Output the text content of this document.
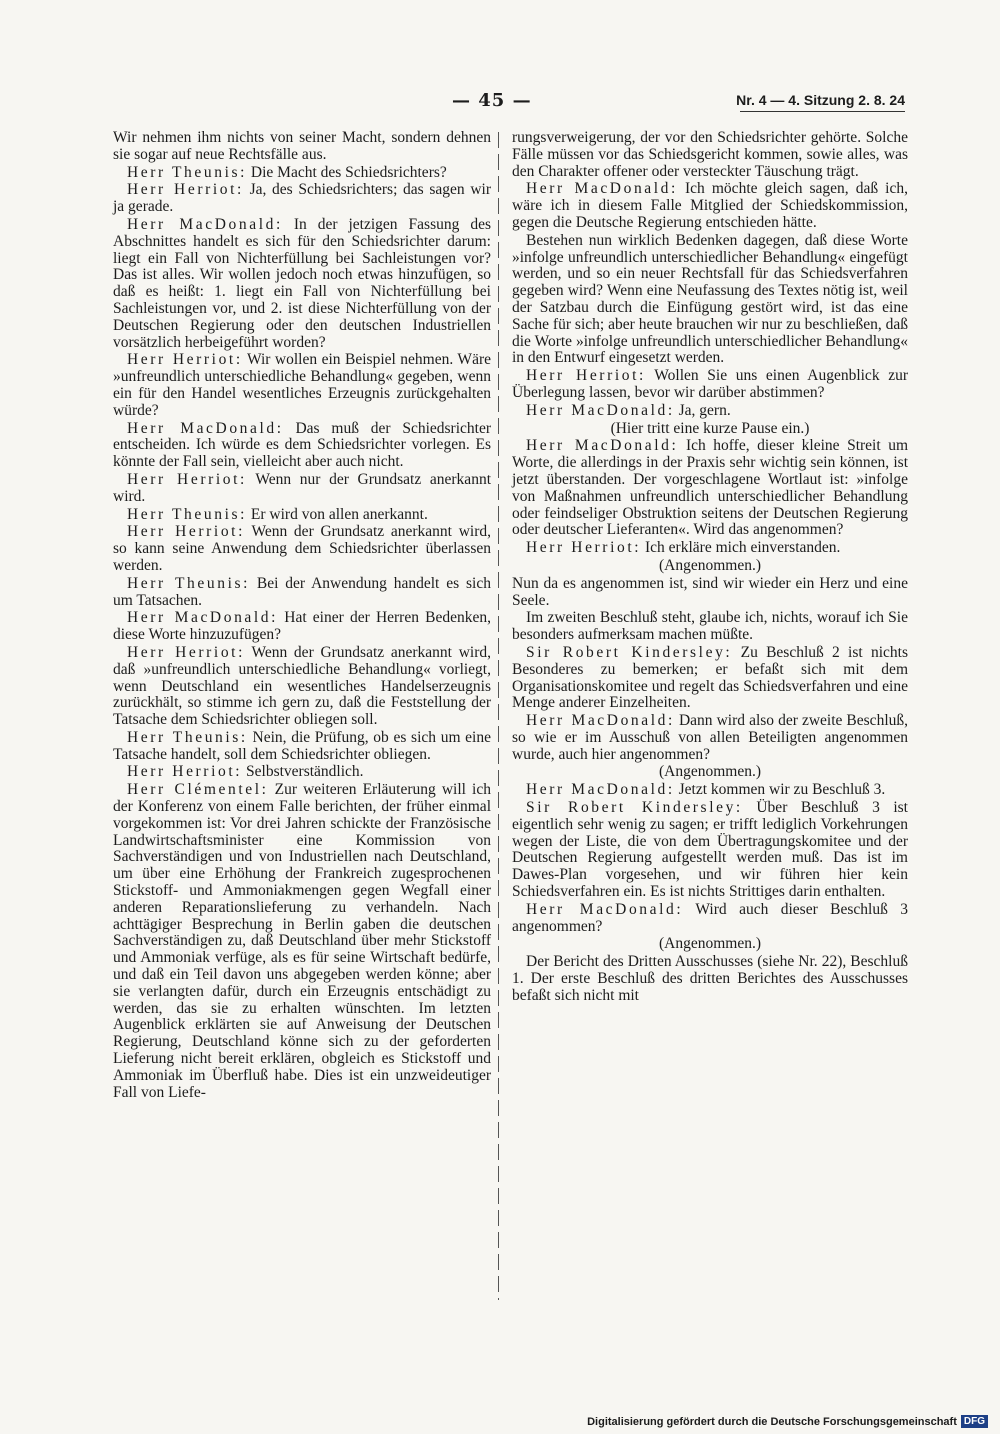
— 45 —	Nr. 4 — 4. Sitzung 2. 8. 24

Wir nehmen ihm nichts von seiner Macht, sondern dehnen sie sogar auf neue Rechtsfälle aus.

Herr Theunis: Die Macht des Schiedsrichters?

Herr Herriot: Ja, des Schiedsrichters; das sagen wir ja gerade.

Herr MacDonald: In der jetzigen Fassung des Abschnittes handelt es sich für den Schiedsrichter darum: liegt ein Fall von Nichterfüllung bei Sachleistungen vor? Das ist alles. Wir wollen jedoch noch etwas hinzufügen, so daß es heißt: 1. liegt ein Fall von Nichterfüllung bei Sachleistungen vor, und 2. ist diese Nichterfüllung von der Deutschen Regierung oder den deutschen Industriellen vorsätzlich herbeigeführt worden?

Herr Herriot: Wir wollen ein Beispiel nehmen. Wäre »unfreundlich unterschiedliche Behandlung« gegeben, wenn ein für den Handel wesentliches Erzeugnis zurückgehalten würde?

Herr MacDonald: Das muß der Schiedsrichter entscheiden. Ich würde es dem Schiedsrichter vorlegen. Es könnte der Fall sein, vielleicht aber auch nicht.

Herr Herriot: Wenn nur der Grundsatz anerkannt wird.

Herr Theunis: Er wird von allen anerkannt.

Herr Herriot: Wenn der Grundsatz anerkannt wird, so kann seine Anwendung dem Schiedsrichter überlassen werden.

Herr Theunis: Bei der Anwendung handelt es sich um Tatsachen.

Herr MacDonald: Hat einer der Herren Bedenken, diese Worte hinzuzufügen?

Herr Herriot: Wenn der Grundsatz anerkannt wird, daß »unfreundlich unterschiedliche Behandlung« vorliegt, wenn Deutschland ein wesentliches Handelserzeugnis zurückhält, so stimme ich gern zu, daß die Feststellung der Tatsache dem Schiedsrichter obliegen soll.

Herr Theunis: Nein, die Prüfung, ob es sich um eine Tatsache handelt, soll dem Schiedsrichter obliegen.

Herr Herriot: Selbstverständlich.

Herr Clémentel: Zur weiteren Erläuterung will ich der Konferenz von einem Falle berichten, der früher einmal vorgekommen ist: Vor drei Jahren schickte der Französische Landwirtschaftsminister eine Kommission von Sachverständigen und von Industriellen nach Deutschland, um über eine Erhöhung der Frankreich zugesprochenen Stickstoff- und Ammoniakmengen gegen Wegfall einer anderen Reparationslieferung zu verhandeln. Nach achttägiger Besprechung in Berlin gaben die deutschen Sachverständigen zu, daß Deutschland über mehr Stickstoff und Ammoniak verfüge, als es für seine Wirtschaft bedürfe, und daß ein Teil davon uns abgegeben werden könne; aber sie verlangten dafür, durch ein Erzeugnis entschädigt zu werden, das sie zu erhalten wünschten. Im letzten Augenblick erklärten sie auf Anweisung der Deutschen Regierung, Deutschland könne sich zu der geforderten Lieferung nicht bereit erklären, obgleich es Stickstoff und Ammoniak im Überfluß habe. Dies ist ein unzweideutiger Fall von Liefe-

rungsverweigerung, der vor den Schiedsrichter gehörte. Solche Fälle müssen vor das Schiedsgericht kommen, sowie alles, was den Charakter offener oder versteckter Täuschung trägt.

Herr MacDonald: Ich möchte gleich sagen, daß ich, wäre ich in diesem Falle Mitglied der Schiedskommission, gegen die Deutsche Regierung entschieden hätte.

Bestehen nun wirklich Bedenken dagegen, daß diese Worte »infolge unfreundlich unterschiedlicher Behandlung« eingefügt werden, und so ein neuer Rechtsfall für das Schiedsverfahren gegeben wird? Wenn eine Neufassung des Textes nötig ist, weil der Satzbau durch die Einfügung gestört wird, ist das eine Sache für sich; aber heute brauchen wir nur zu beschließen, daß die Worte »infolge unfreundlich unterschiedlicher Behandlung« in den Entwurf eingesetzt werden.

Herr Herriot: Wollen Sie uns einen Augenblick zur Überlegung lassen, bevor wir darüber abstimmen?

Herr MacDonald: Ja, gern.

(Hier tritt eine kurze Pause ein.)

Herr MacDonald: Ich hoffe, dieser kleine Streit um Worte, die allerdings in der Praxis sehr wichtig sein können, ist jetzt überstanden. Der vorgeschlagene Wortlaut ist: »infolge von Maßnahmen unfreundlich unterschiedlicher Behandlung oder feindseliger Obstruktion seitens der Deutschen Regierung oder deutscher Lieferanten«. Wird das angenommen?

Herr Herriot: Ich erkläre mich einverstanden.

(Angenommen.)

Nun da es angenommen ist, sind wir wieder ein Herz und eine Seele.

Im zweiten Beschluß steht, glaube ich, nichts, worauf ich Sie besonders aufmerksam machen müßte.

Sir Robert Kindersley: Zu Beschluß 2 ist nichts Besonderes zu bemerken; er befaßt sich mit dem Organisationskomitee und regelt das Schiedsverfahren und eine Menge anderer Einzelheiten.

Herr MacDonald: Dann wird also der zweite Beschluß, so wie er im Ausschuß von allen Beteiligten angenommen wurde, auch hier angenommen?

(Angenommen.)

Herr MacDonald: Jetzt kommen wir zu Beschluß 3.

Sir Robert Kindersley: Über Beschluß 3 ist eigentlich sehr wenig zu sagen; er trifft lediglich Vorkehrungen wegen der Liste, die von dem Übertragungskomitee und der Deutschen Regierung aufgestellt werden muß. Das ist im Dawes-Plan vorgesehen, und wir führen hier kein Schiedsverfahren ein. Es ist nichts Strittiges darin enthalten.

Herr MacDonald: Wird auch dieser Beschluß 3 angenommen?

(Angenommen.)

Der Bericht des Dritten Ausschusses (siehe Nr. 22), Beschluß 1. Der erste Beschluß des dritten Berichtes des Ausschusses befaßt sich nicht mit

Digitalisierung gefördert durch die Deutsche Forschungsgemeinschaft DFG
